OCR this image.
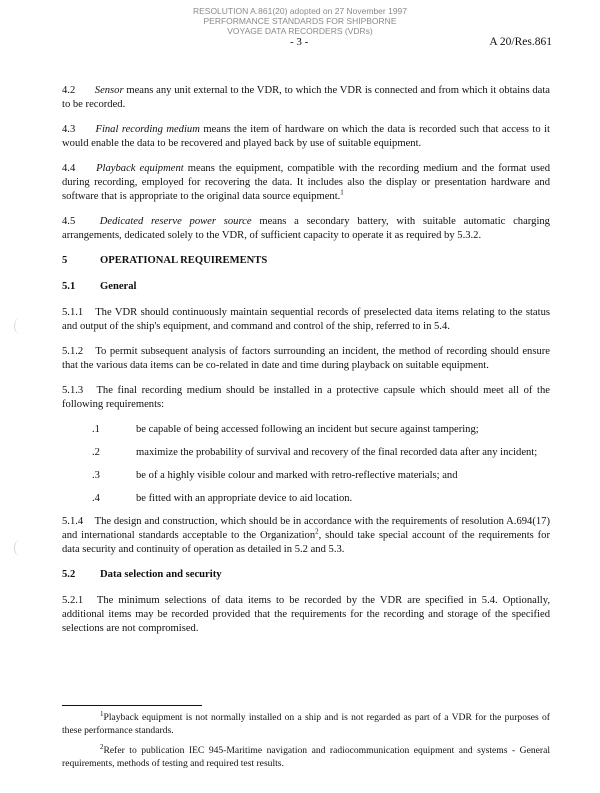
RESOLUTION A.861(20) adopted on 27 November 1997
PERFORMANCE STANDARDS FOR SHIPBORNE
VOYAGE DATA RECORDERS (VDRs)
- 3 -	A 20/Res.861

4.2 Sensor means any unit external to the VDR, to which the VDR is connected and from which it obtains data to be recorded.

4.3 Final recording medium means the item of hardware on which the data is recorded such that access to it would enable the data to be recovered and played back by use of suitable equipment.

4.4 Playback equipment means the equipment, compatible with the recording medium and the format used during recording, employed for recovering the data. It includes also the display or presentation hardware and software that is appropriate to the original data source equipment.$^1$

4.5 Dedicated reserve power source means a secondary battery, with suitable automatic charging arrangements, dedicated solely to the VDR, of sufficient capacity to operate it as required by 5.3.2.

5	OPERATIONAL REQUIREMENTS
5.1 General

5.1.1 The VDR should continuously maintain sequential records of preselected data items relating to the status and output of the ship's equipment, and command and control of the ship, referred to in 5.4.

5.1.2 To permit subsequent analysis of factors surrounding an incident, the method of recording should ensure that the various data items can be co-related in date and time during playback on suitable equipment.

5.1.3 The final recording medium should be installed in a protective capsule which should meet all of the following requirements:

.1	be capable of being accessed following an incident but secure against tampering;
.2	maximize the probability of survival and recovery of the final recorded data after any incident;
.3	be of a highly visible colour and marked with retro-reflective materials; and
.4	be fitted with an appropriate device to aid location.

5.1.4 The design and construction, which should be in accordance with the requirements of resolution A.694(17) and international standards acceptable to the Organization$^2$, should take special account of the requirements for data security and continuity of operation as detailed in 5.2 and 5.3.

5.2 Data selection and security

5.2.1 The minimum selections of data items to be recorded by the VDR are specified in 5.4. Optionally, additional items may be recorded provided that the requirements for the recording and storage of the specified selections are not compromised.

$^1$Playback equipment is not normally installed on a ship and is not regarded as part of a VDR for the purposes of these performance standards.

$^2$Refer to publication IEC 945-Maritime navigation and radiocommunication equipment and systems - General requirements, methods of testing and required test results.
